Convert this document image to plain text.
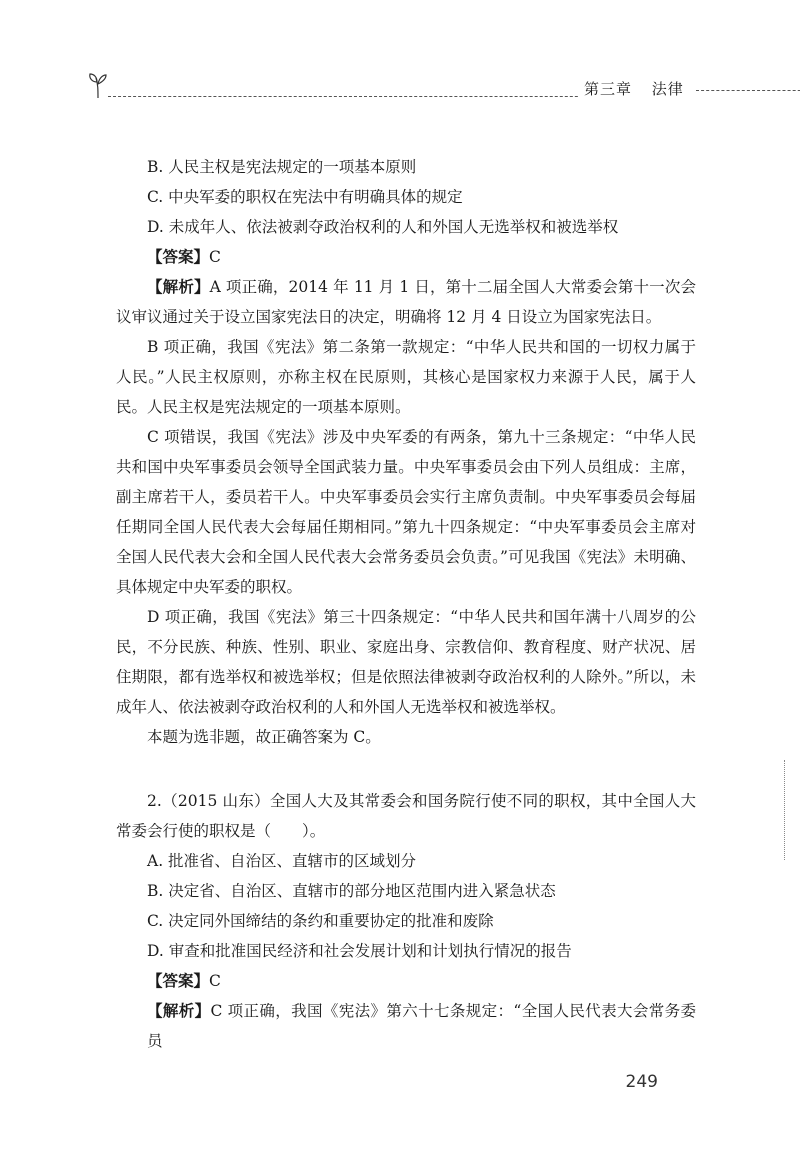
第三章 法律

B. 人民主权是宪法规定的一项基本原则

C. 中央军委的职权在宪法中有明确具体的规定

D. 未成年人、依法被剥夺政治权利的人和外国人无选举权和被选举权

【答案】C

【解析】A 项正确，2014 年 11 月 1 日，第十二届全国人大常委会第十一次会议审议通过关于设立国家宪法日的决定，明确将 12 月 4 日设立为国家宪法日。

B 项正确，我国《宪法》第二条第一款规定：“中华人民共和国的一切权力属于人民。”人民主权原则，亦称主权在民原则，其核心是国家权力来源于人民，属于人民。人民主权是宪法规定的一项基本原则。

C 项错误，我国《宪法》涉及中央军委的有两条，第九十三条规定：“中华人民共和国中央军事委员会领导全国武装力量。中央军事委员会由下列人员组成：主席，副主席若干人，委员若干人。中央军事委员会实行主席负责制。中央军事委员会每届任期同全国人民代表大会每届任期相同。”第九十四条规定：“中央军事委员会主席对全国人民代表大会和全国人民代表大会常务委员会负责。”可见我国《宪法》未明确、具体规定中央军委的职权。

D 项正确，我国《宪法》第三十四条规定：“中华人民共和国年满十八周岁的公民，不分民族、种族、性别、职业、家庭出身、宗教信仰、教育程度、财产状况、居住期限，都有选举权和被选举权；但是依照法律被剥夺政治权利的人除外。”所以，未成年人、依法被剥夺政治权利的人和外国人无选举权和被选举权。

本题为选非题，故正确答案为 C。

2.（2015 山东）全国人大及其常委会和国务院行使不同的职权，其中全国人大常委会行使的职权是（　　）。

A. 批准省、自治区、直辖市的区域划分

B. 决定省、自治区、直辖市的部分地区范围内进入紧急状态

C. 决定同外国缔结的条约和重要协定的批准和废除

D. 审查和批准国民经济和社会发展计划和计划执行情况的报告

【答案】C

【解析】C 项正确，我国《宪法》第六十七条规定：“全国人民代表大会常务委员

249
